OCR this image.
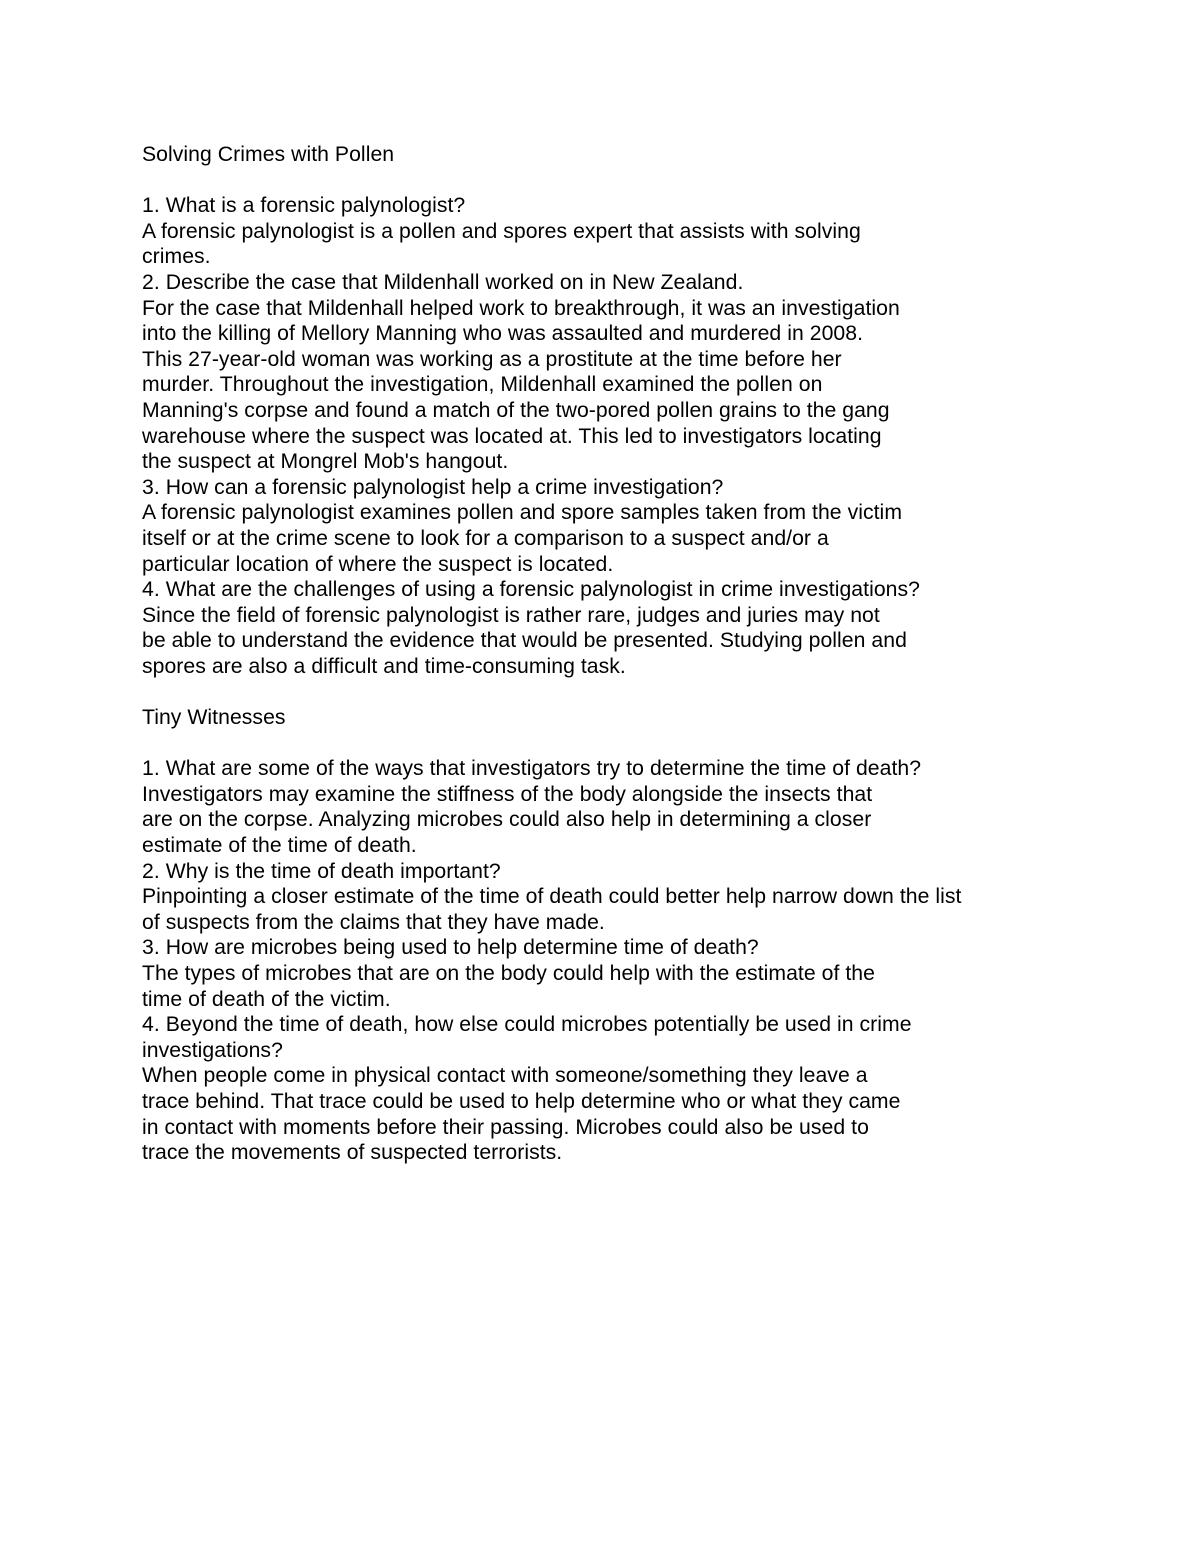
Solving Crimes with Pollen
1. What is a forensic palynologist?
A forensic palynologist is a pollen and spores expert that assists with solving
crimes.
2. Describe the case that Mildenhall worked on in New Zealand.
For the case that Mildenhall helped work to breakthrough, it was an investigation
into the killing of Mellory Manning who was assaulted and murdered in 2008.
This 27-year-old woman was working as a prostitute at the time before her
murder. Throughout the investigation, Mildenhall examined the pollen on
Manning's corpse and found a match of the two-pored pollen grains to the gang
warehouse where the suspect was located at. This led to investigators locating
the suspect at Mongrel Mob's hangout.
3. How can a forensic palynologist help a crime investigation?
A forensic palynologist examines pollen and spore samples taken from the victim
itself or at the crime scene to look for a comparison to a suspect and/or a
particular location of where the suspect is located.
4. What are the challenges of using a forensic palynologist in crime investigations?
Since the field of forensic palynologist is rather rare, judges and juries may not
be able to understand the evidence that would be presented. Studying pollen and
spores are also a difficult and time-consuming task.
Tiny Witnesses
1. What are some of the ways that investigators try to determine the time of death?
Investigators may examine the stiffness of the body alongside the insects that
are on the corpse. Analyzing microbes could also help in determining a closer
estimate of the time of death.
2. Why is the time of death important?
Pinpointing a closer estimate of the time of death could better help narrow down the list
of suspects from the claims that they have made.
3. How are microbes being used to help determine time of death?
The types of microbes that are on the body could help with the estimate of the
time of death of the victim.
4. Beyond the time of death, how else could microbes potentially be used in crime
investigations?
When people come in physical contact with someone/something they leave a
trace behind. That trace could be used to help determine who or what they came
in contact with moments before their passing. Microbes could also be used to
trace the movements of suspected terrorists.
